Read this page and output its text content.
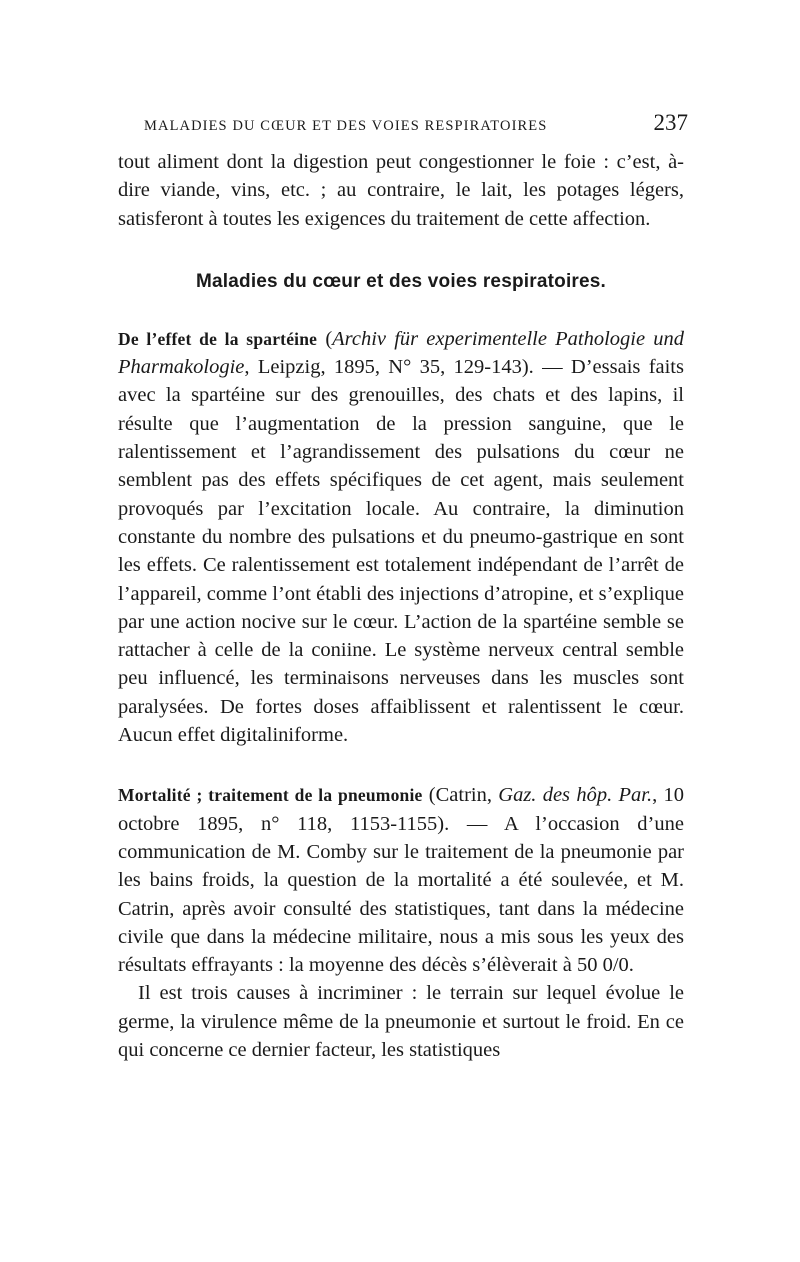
MALADIES DU CŒUR ET DES VOIES RESPIRATOIRES	237

tout aliment dont la digestion peut congestionner le foie : c’est, à-dire viande, vins, etc. ; au contraire, le lait, les potages légers, satisferont à toutes les exigences du traitement de cette affection.

Maladies du cœur et des voies respiratoires.

De l’effet de la spartéine (Archiv für experimentelle Pathologie und Pharmakologie, Leipzig, 1895, N° 35, 129-143). — D’essais faits avec la spartéine sur des grenouilles, des chats et des lapins, il résulte que l’augmentation de la pression sanguine, que le ralentissement et l’agrandissement des pulsations du cœur ne semblent pas des effets spécifiques de cet agent, mais seulement provoqués par l’excitation locale. Au contraire, la diminution constante du nombre des pulsations et du pneumo-gastrique en sont les effets. Ce ralentissement est totalement indépendant de l’arrêt de l’appareil, comme l’ont établi des injections d’atropine, et s’explique par une action nocive sur le cœur. L’action de la spartéine semble se rattacher à celle de la coniine. Le système nerveux central semble peu influencé, les terminaisons nerveuses dans les muscles sont paralysées. De fortes doses affaiblissent et ralentissent le cœur. Aucun effet digitaliniforme.

Mortalité ; traitement de la pneumonie (Catrin, Gaz. des hôp. Par., 10 octobre 1895, n° 118, 1153-1155). — A l’occasion d’une communication de M. Comby sur le traitement de la pneumonie par les bains froids, la question de la mortalité a été soulevée, et M. Catrin, après avoir consulté des statistiques, tant dans la médecine civile que dans la médecine militaire, nous a mis sous les yeux des résultats effrayants : la moyenne des décès s’élèverait à 50 0/0.

Il est trois causes à incriminer : le terrain sur lequel évolue le germe, la virulence même de la pneumonie et surtout le froid. En ce qui concerne ce dernier facteur, les statistiques
